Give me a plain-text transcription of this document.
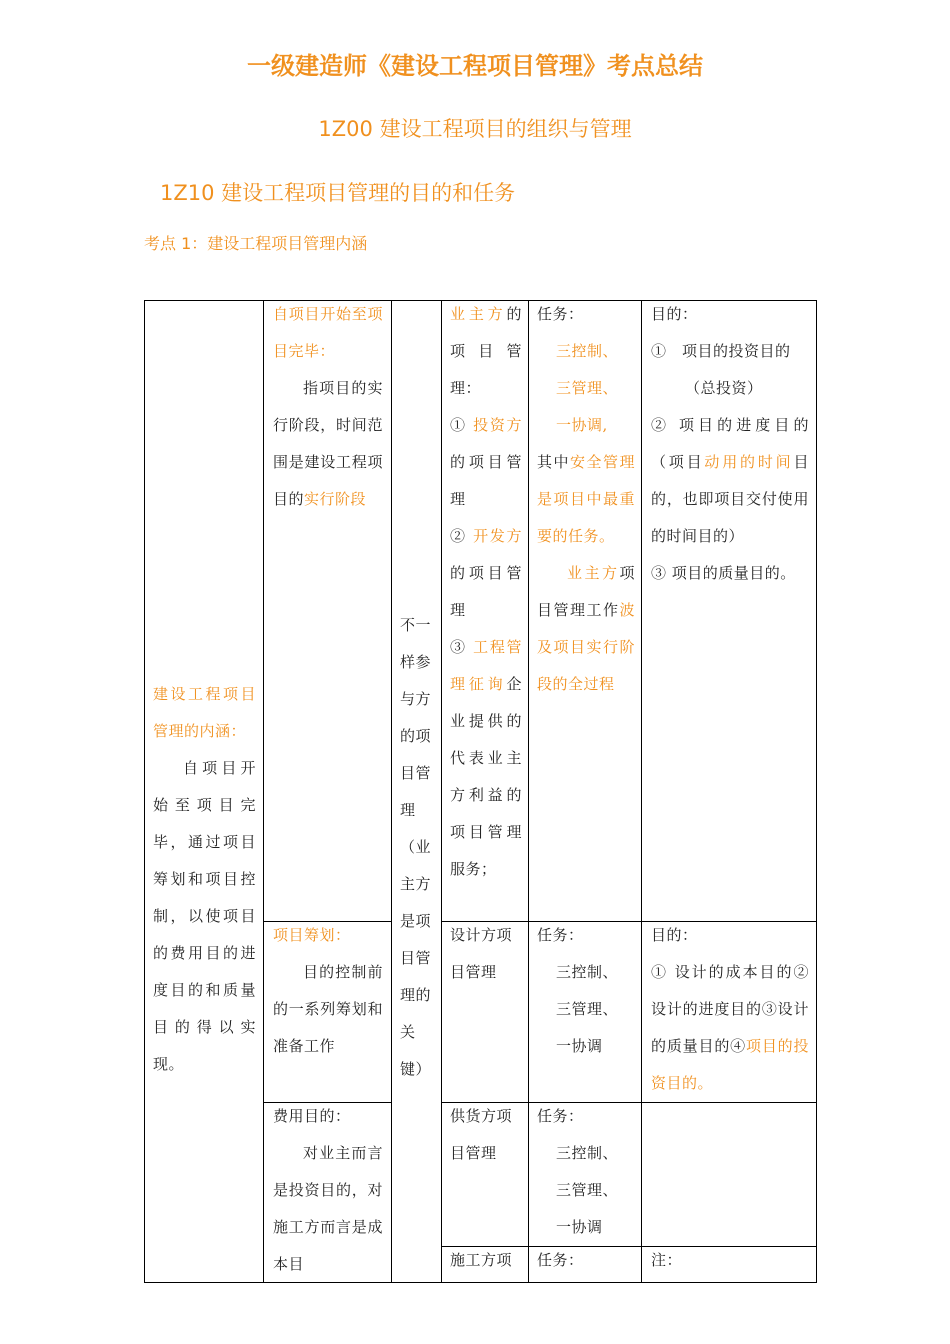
一级建造师《建设工程项目管理》考点总结
1Z00 建设工程项目的组织与管理
1Z10 建设工程项目管理的目的和任务
考点 1：建设工程项目管理内涵

建设工程项目管理的内涵：

自项目开始至项目完毕，通过项目筹划和项目控制，以使项目的费用目的进度目的和质量目的得以实现。

自项目开始至项目完毕：

指项目的实行阶段，时间范围是建设工程项目的实行阶段

项目筹划：

目的控制前的一系列筹划和准备工作

费用目的：

对业主而言是投资目的，对施工方而言是成本目

不一样参与方的项目管理（业主方是项目管理的关键）

业主方的项目管理：

① 投资方的项目管理

② 开发方的项目管理

③ 工程管理征询企业提供的代表业主方利益的项目管理服务；

设计方项目管理

供货方项目管理

施工方项

任务：

三控制、

三管理、

一协调,

其中安全管理是项目中最重要的任务。

业主方项目管理工作波及项目实行阶段的全过程

任务：

三控制、

三管理、

一协调

任务：

三控制、

三管理、

一协调

任务：

目的：

①　项目的投资目的

（总投资）

② 项目的进度目的（项目动用的时间目的，也即项目交付使用的时间目的）

③ 项目的质量目的。

目的：

① 设计的成本目的② 设计的进度目的③设计的质量目的④项目的投资目的。

注：
